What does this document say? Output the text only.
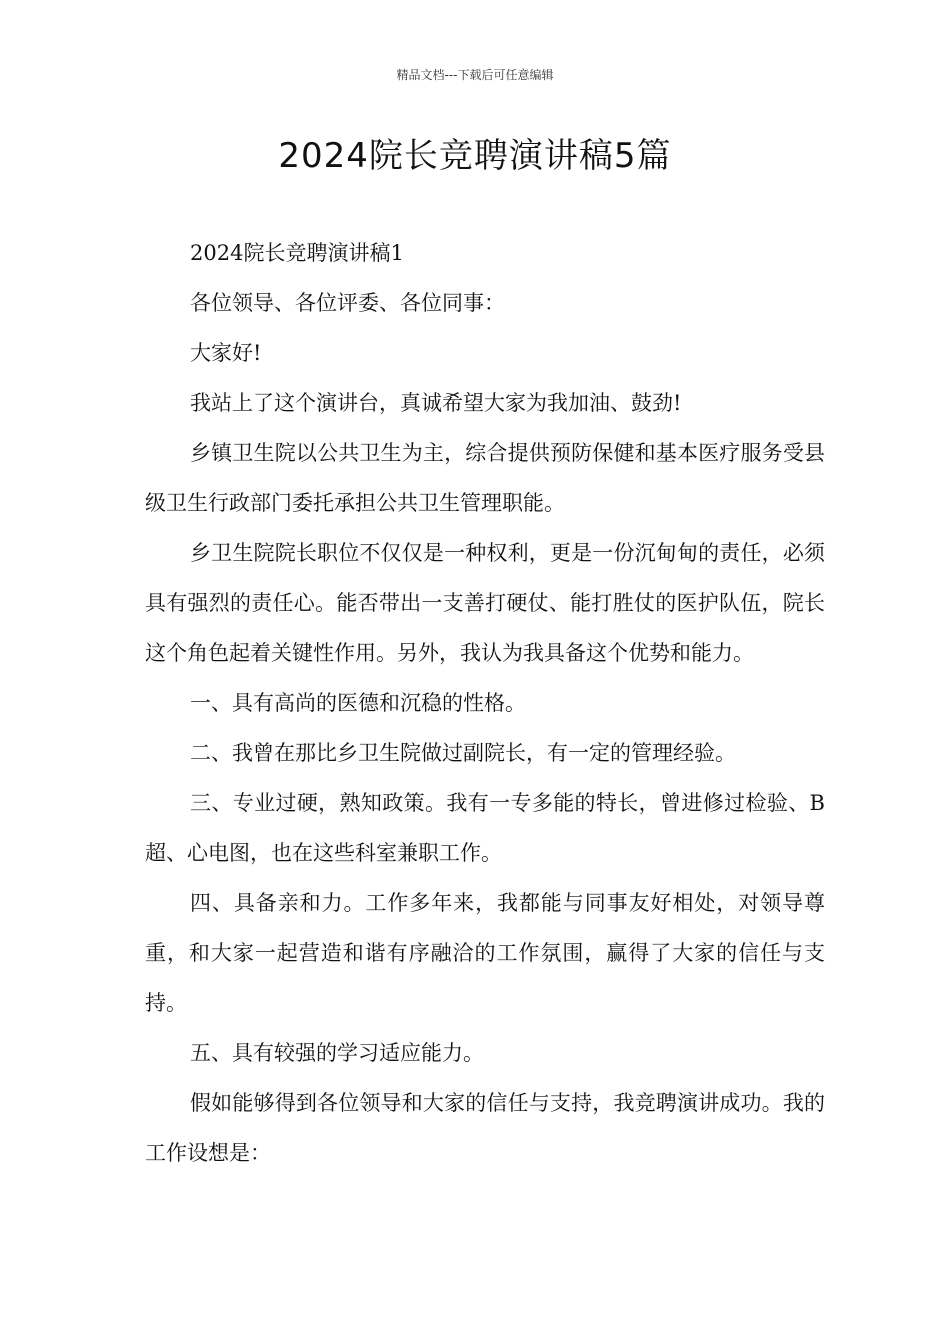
精品文档---下载后可任意编辑
2024院长竞聘演讲稿5篇

2024院长竞聘演讲稿1

各位领导、各位评委、各位同事：

大家好!

我站上了这个演讲台，真诚希望大家为我加油、鼓劲!

乡镇卫生院以公共卫生为主，综合提供预防保健和基本医疗服务受县级卫生行政部门委托承担公共卫生管理职能。

乡卫生院院长职位不仅仅是一种权利，更是一份沉甸甸的责任，必须具有强烈的责任心。能否带出一支善打硬仗、能打胜仗的医护队伍，院长这个角色起着关键性作用。另外，我认为我具备这个优势和能力。

一、具有高尚的医德和沉稳的性格。

二、我曾在那比乡卫生院做过副院长，有一定的管理经验。

三、专业过硬，熟知政策。我有一专多能的特长，曾进修过检验、B超、心电图，也在这些科室兼职工作。

四、具备亲和力。工作多年来，我都能与同事友好相处，对领导尊重，和大家一起营造和谐有序融洽的工作氛围，赢得了大家的信任与支持。

五、具有较强的学习适应能力。

假如能够得到各位领导和大家的信任与支持，我竞聘演讲成功。我的工作设想是：
